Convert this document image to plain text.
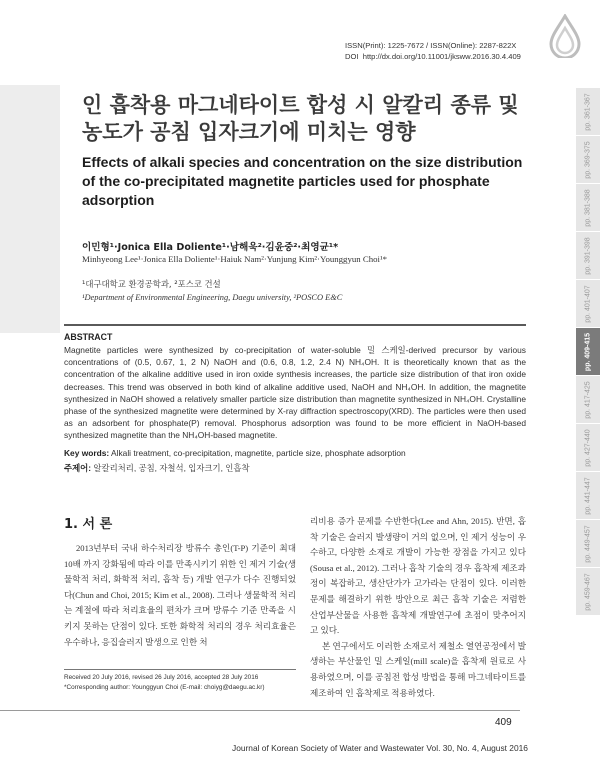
ISSN(Print): 1225-7672 / ISSN(Online): 2287-822X
DOI  http://dx.doi.org/10.11001/jksww.2016.30.4.409
pp. 361-367
pp. 369-375
pp. 381-388
pp. 391-398
pp. 401-407
pp. 409-415
pp. 417-425
pp. 427-440
pp. 441-447
pp. 449-457
pp. 459-467
인 흡착용 마그네타이트 합성 시 알칼리 종류 및 농도가 공침 입자크기에 미치는 영향
Effects of alkali species and concentration on the size distribution of the co-precipitated magnetite particles used for phosphate adsorption
이민형¹·Jonica Ella Doliente¹·남해욱²·김윤중²·최영균¹*
Minhyeong Lee¹·Jonica Ella Doliente¹·Haiuk Nam²·Yunjung Kim²·Younggyun Choi¹*
¹대구대학교 환경공학과, ²포스코 건설
¹Department of Environmental Engineering, Daegu university, ²POSCO E&C
ABSTRACT
Magnetite particles were synthesized by co-precipitation of water-soluble 밀 스케일-derived precursor by various concentrations of (0.5, 0.67, 1, 2 N) NaOH and (0.6, 0.8, 1.2, 2.4 N) NH₄OH. It is theoretically known that as the concentration of the alkaline additive used in iron oxide synthesis increases, the particle size distribution of that iron oxide decreases. This trend was observed in both kind of alkaline additive used, NaOH and NH₄OH. In addition, the magnetite synthesized in NaOH showed a relatively smaller particle size distribution than magnetite synthesized in NH₄OH. Crystalline phase of the synthesized magnetite were determined by X-ray diffraction spectroscopy(XRD). The particles were then used as an adsorbent for phosphate(P) removal. Phosphorus adsorption was found to be more efficient in NaOH-based synthesized magnetite than the NH₄OH-based magnetite.
Key words: Alkali treatment, co-precipitation, magnetite, particle size, phosphate adsorption
주제어: 알칼리처리, 공침, 자철석, 입자크기, 인흡착
1. 서 론

2013년부터 국내 하수처리장 방류수 총인(T-P) 기준이 최대 10배 까지 강화됨에 따라 이를 만족시키기 위한 인 제거 기술(생물학적 처리, 화학적 처리, 흡착 등) 개발 연구가 다수 진행되었다(Chun and Choi, 2015; Kim et al., 2008). 그러나 생물학적 처리는 계절에 따라 처리효율의 편차가 크며 방류수 기준 만족을 시키지 못하는 단점이 있다. 또한 화학적 처리의 경우 처리효율은 우수하나, 응집슬러지 발생으로 인한 처

리비용 증가 문제를 수반한다(Lee and Ahn, 2015). 반면, 흡착 기술은 슬러지 발생량이 거의 없으며, 인 제거 성능이 우수하고, 다양한 소재로 개발이 가능한 장점을 가지고 있다(Sousa et al., 2012). 그러나 흡착 기술의 경우 흡착제 제조과정이 복잡하고, 생산단가가 고가라는 단점이 있다. 이러한 문제를 해결하기 위한 방안으로 최근 흡착 기술은 저렴한 산업부산물을 사용한 흡착제 개발연구에 초점이 맞추어지고 있다.

본 연구에서도 이러한 소재로서 제철소 열연공정에서 발생하는 부산물인 밀 스케일(mill scale)을 흡착제 원료로 사용하였으며, 이를 공침전 합성 방법을 통해 마그네타이트를 제조하여 인 흡착제로 적용하였다.

Received 20 July 2016, revised 26 July 2016, accepted 28 July 2016
*Corresponding author: Younggyun Choi (E-mail: choiyg@daegu.ac.kr)
409
Journal of Korean Society of Water and Wastewater Vol. 30, No. 4, August 2016
